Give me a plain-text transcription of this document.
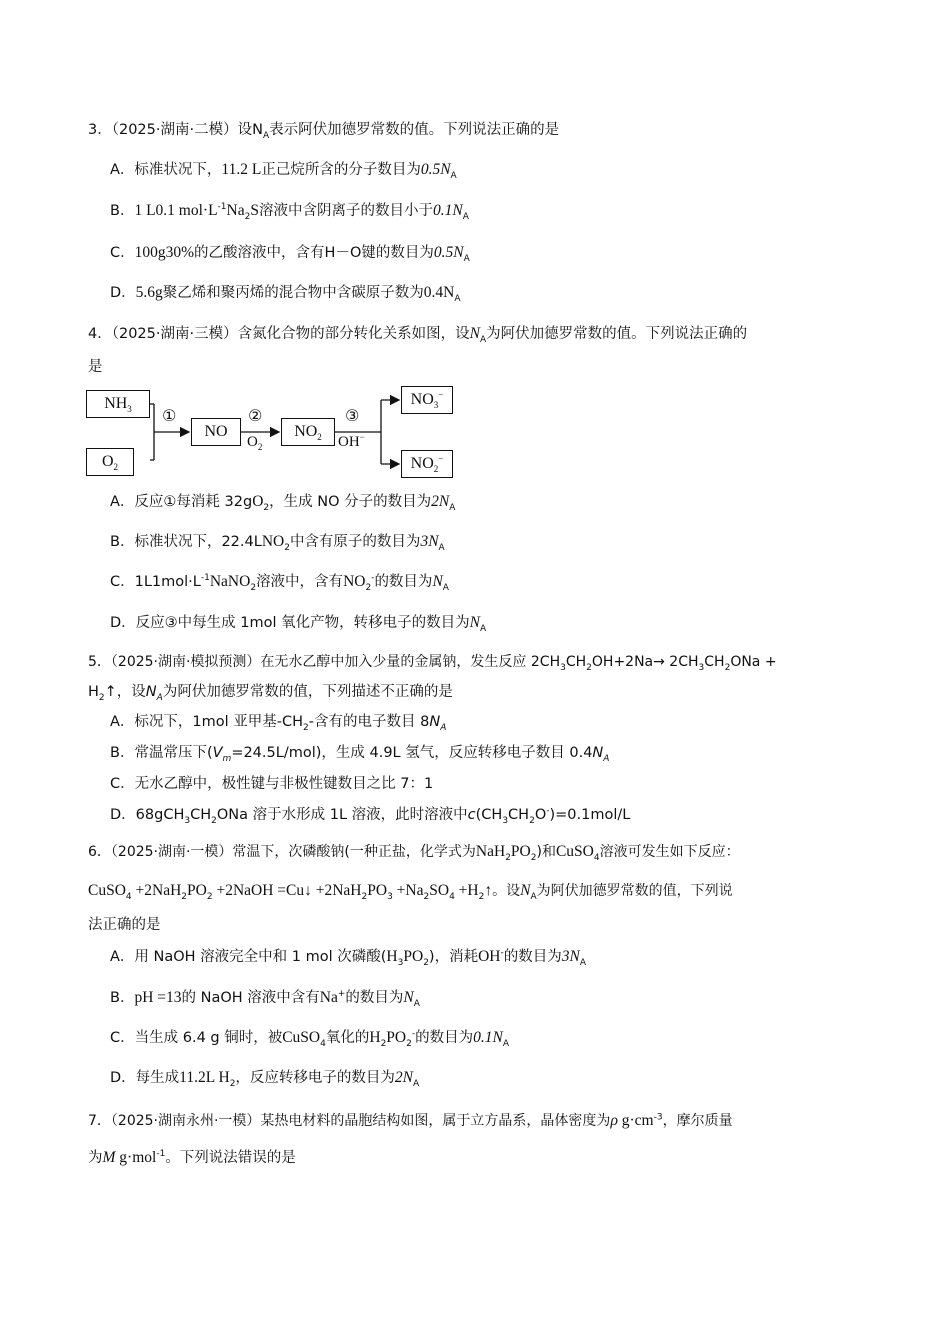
3．（2025·湖南·二模）设$N_A$表示阿伏加德罗常数的值。下列说法正确的是
A．标准状况下，11.2 L正己烷所含的分子数目为$0.5N_A$
B．1 L0.1 $mol\cdot L^{-1}Na_2S$溶液中含阴离子的数目小于$0.1N_A$
C．100g30%的乙酸溶液中，含有H－O键的数目为$0.5N_A$
D．5.6g聚乙烯和聚丙烯的混合物中含碳原子数为$0.4N_A$
4．（2025·湖南·三模）含氮化合物的部分转化关系如图，设$N_A$为阿伏加德罗常数的值。下列说法正确的
是
$NH_3$
$O_2$
NO	$NO_2$
$NO_3^-$
$NO_2^-$
①	②	③
$O_2$	OH−
A．反应①每消耗 $32gO_2$，生成 NO 分子的数目为$2N_A$
B．标准状况下，$22.4LNO_2$中含有原子的数目为$3N_A$
C．$1L1mol\cdot L^{-1}NaNO_2$溶液中，含有$NO_2^-$的数目为$N_A$
D．反应③中每生成 1mol 氧化产物，转移电子的数目为$N_A$
5．（2025·湖南·模拟预测）在无水乙醇中加入少量的金属钠，发生反应 $2CH_3CH_2OH+2Na\to 2CH_3CH_2ONa$ +
$H_2↑$，设$N_A$为阿伏加德罗常数的值，下列描述不正确的是
A．标况下，1mol 亚甲基$-CH_2-$含有的电子数目 $8N_A$
B．常温常压下$(V_m=24.5L/mol)$，生成 4.9L 氢气，反应转移电子数目 $0.4N_A$
C．无水乙醇中，极性键与非极性键数目之比 7：1
D．$68gCH_3CH_2ONa$ 溶于水形成 1L 溶液，此时溶液中$c(CH_3CH_2O^-)=0.1mol/L$
6．（2025·湖南·一模）常温下，次磷酸钠(一种正盐，化学式为$NaH_2PO_2$)和CuSO$_4$溶液可发生如下反应：
CuSO$_4$ $+2NaH_2PO_2$ +2NaOH =Cu↓ $+2NaH_2PO_3 +Na_2SO_4$ $+H_2↑$。设$N_A$为阿伏加德罗常数的值，下列说
法正确的是
A．用 NaOH 溶液完全中和 1 mol 次磷酸$(H_3PO_2)$，消耗OH-的数目为$3N_A$
B．pH =13的 NaOH 溶液中含有Na+的数目为$N_A$
C．当生成 6.4 g 铜时，被CuSO$_4$氧化的$H_2PO_2^-$的数目为$0.1N_A$
D．每生成11.2L $H_2$，反应转移电子的数目为$2N_A$
7．（2025·湖南永州·一模）某热电材料的晶胞结构如图，属于立方晶系，晶体密度为ρ $g\cdot cm^{-3}$，摩尔质量
为M g·mol$^{-1}$。下列说法错误的是
